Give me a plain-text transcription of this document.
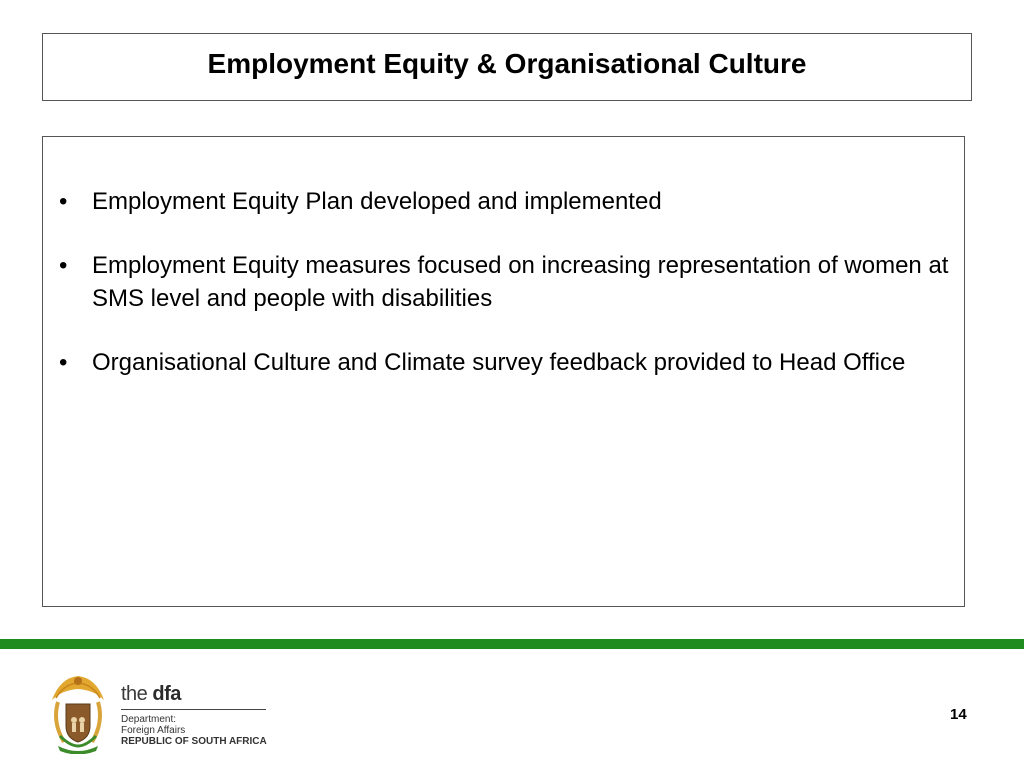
Employment Equity & Organisational Culture
• Employment Equity Plan developed and implemented
• Employment Equity measures focused on increasing representation of women at SMS level and people with disabilities
• Organisational Culture and Climate survey feedback provided to Head Office
the dfa
Department:
Foreign Affairs
REPUBLIC OF SOUTH AFRICA
14
